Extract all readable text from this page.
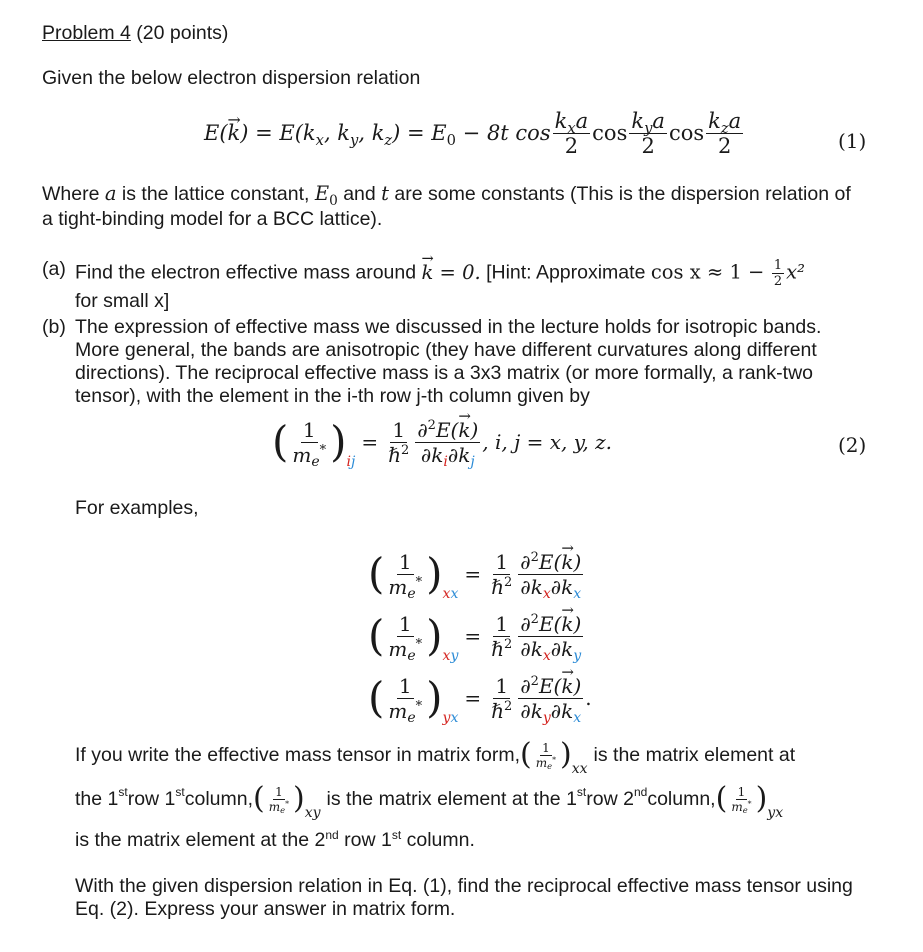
Problem 4 (20 points)
Given the below electron dispersion relation
$E(\to k) = E(k_x$, $k_y$, $k_z) = E_0 - 8t$ $\cos \frac{k_xa}{2}$ $\cos \frac{k_ya}{2}$ $\cos \frac{k_za}{2}$	(1)
Where a is the lattice constant, $E_0$ and t are some constants (This is the dispersion relation of a tight-binding model for a BCC lattice).
(a) Find the electron effective mass around → k = 0. [Hint: Approximate $\cos x \approx 1 - \frac{1}{2} x^2$
for small x]
(b) The expression of effective mass we discussed in the lecture holds for isotropic bands. More general, the bands are anisotropic (they have different curvatures along different directions). The reciprocal effective mass is a 3x3 matrix (or more formally, a rank-two tensor), with the element in the i-th row j-th column given by
( $\frac{1}{m_e^*}$ ) ij
= $\frac{1}{\hbar^2} \frac{\partial^2E(\to k)}{\partial k_i\partial k_j}$ , i, j = x, y, z.	(2)
For examples,
( $\frac{1}{m_e^*}$ ) xx
= $\frac{1}{\hbar^2} \frac{\partial^2E(\to k)}{\partial k_x\partial k_x}$
( $\frac{1}{m_e^*}$ ) xy
= $\frac{1}{\hbar^2} \frac{\partial^2E(\to k)}{\partial k_x\partial k_y}$
( $\frac{1}{m_e^*}$ ) yx
= $\frac{1}{\hbar^2} \frac{\partial^2E(\to k)}{\partial k_y\partial k_x}$ .
If you write the effective mass tensor in matrix form, ( $\frac{1}{m_e^*}$ ) xx
is the matrix element at
the 1 st row 1 st column, ( $\frac{1}{m_e^*}$ ) xy
is the matrix element at the 1 st row 2 nd column, ( $\frac{1}{m_e^*}$ ) yx
is the matrix element at the 2nd row 1st column.
With the given dispersion relation in Eq. (1), find the reciprocal effective mass tensor using Eq. (2). Express your answer in matrix form.
